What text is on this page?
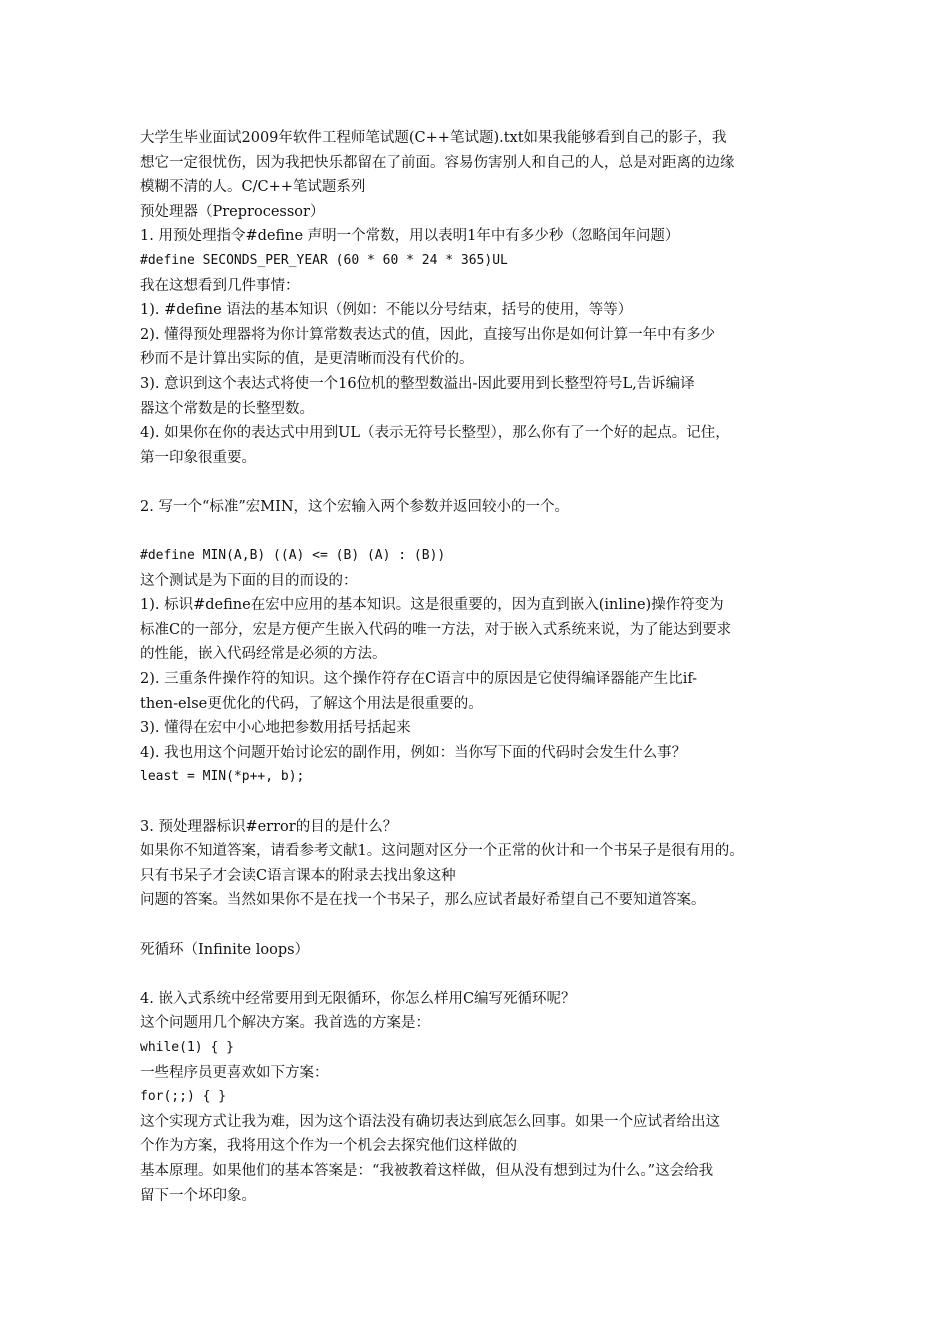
大学生毕业面试2009年软件工程师笔试题(C++笔试题).txt如果我能够看到自己的影子，我
想它一定很忧伤，因为我把快乐都留在了前面。容易伤害别人和自己的人，总是对距离的边缘
模糊不清的人。C/C++笔试题系列
预处理器（Preprocessor）
1. 用预处理指令#define 声明一个常数，用以表明1年中有多少秒（忽略闰年问题）
#define SECONDS_PER_YEAR (60 * 60 * 24 * 365)UL
我在这想看到几件事情：
1). #define 语法的基本知识（例如：不能以分号结束，括号的使用，等等）
2). 懂得预处理器将为你计算常数表达式的值，因此，直接写出你是如何计算一年中有多少
秒而不是计算出实际的值，是更清晰而没有代价的。
3). 意识到这个表达式将使一个16位机的整型数溢出-因此要用到长整型符号L,告诉编译
器这个常数是的长整型数。
4). 如果你在你的表达式中用到UL（表示无符号长整型），那么你有了一个好的起点。记住，
第一印象很重要。
2. 写一个“标准”宏MIN，这个宏输入两个参数并返回较小的一个。
#define MIN(A,B) ((A) <= (B) (A) : (B))
这个测试是为下面的目的而设的：
1). 标识#define在宏中应用的基本知识。这是很重要的，因为直到嵌入(inline)操作符变为
标准C的一部分，宏是方便产生嵌入代码的唯一方法，对于嵌入式系统来说，为了能达到要求
的性能，嵌入代码经常是必须的方法。
2). 三重条件操作符的知识。这个操作符存在C语言中的原因是它使得编译器能产生比if-
then-else更优化的代码，了解这个用法是很重要的。
3). 懂得在宏中小心地把参数用括号括起来
4). 我也用这个问题开始讨论宏的副作用，例如：当你写下面的代码时会发生什么事？
least = MIN(*p++, b);
3. 预处理器标识#error的目的是什么？
如果你不知道答案，请看参考文献1。这问题对区分一个正常的伙计和一个书呆子是很有用的。
只有书呆子才会读C语言课本的附录去找出象这种
问题的答案。当然如果你不是在找一个书呆子，那么应试者最好希望自己不要知道答案。
死循环（Infinite loops）
4. 嵌入式系统中经常要用到无限循环，你怎么样用C编写死循环呢？
这个问题用几个解决方案。我首选的方案是：
while(1) { }
一些程序员更喜欢如下方案：
for(;;) { }
这个实现方式让我为难，因为这个语法没有确切表达到底怎么回事。如果一个应试者给出这
个作为方案，我将用这个作为一个机会去探究他们这样做的
基本原理。如果他们的基本答案是：“我被教着这样做，但从没有想到过为什么。”这会给我
留下一个坏印象。
